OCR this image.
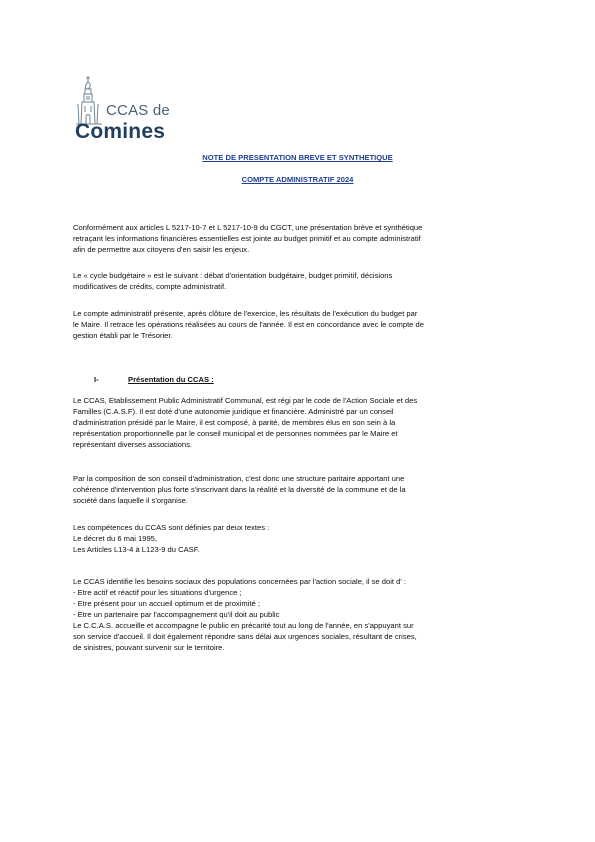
CCAS de
Comines
NOTE DE PRESENTATION BREVE ET SYNTHETIQUE
COMPTE ADMINISTRATIF 2024

Conformément aux articles L 5217-10-7 et L 5217-10-9 du CGCT, une présentation brève et synthétique

retraçant les informations financières essentielles est jointe au budget primitif et au compte administratif

afin de permettre aux citoyens d'en saisir les enjeux.

Le « cycle budgétaire » est le suivant : débat d'orientation budgétaire, budget primitif, décisions

modificatives de crédits, compte administratif.

Le compte administratif présente, après clôture de l'exercice, les résultats de l'exécution du budget par

le Maire. Il retrace les opérations réalisées au cours de l'année. Il est en concordance avec le compte de

gestion établi par le Trésorier.

I-	Présentation du CCAS :

Le CCAS, Etablissement Public Administratif Communal, est régi par le code de l'Action Sociale et des

Familles (C.A.S.F). Il est doté d'une autonomie juridique et financière. Administré par un conseil

d'administration présidé par le Maire, il est composé, à parité, de membres élus en son sein à la

représentation proportionnelle par le conseil municipal et de personnes nommées par le Maire et

représentant diverses associations.

Par la composition de son conseil d'administration, c'est donc une structure paritaire apportant une

cohérence d'intervention plus forte s'inscrivant dans la réalité et la diversité de la commune et de la

société dans laquelle il s'organise.

Les compétences du CCAS sont définies par deux textes :

Le décret du 6 mai 1995,

Les Articles L13-4 à L123-9 du CASF.

Le CCAS identifie les besoins sociaux des populations concernées par l'action sociale, il se doit d' :

- Etre actif et réactif pour les situations d'urgence ;

- Etre présent pour un accueil optimum et de proximité ;

- Etre un partenaire par l'accompagnement qu'il doit au public

Le C.C.A.S. accueille et accompagne le public en précarité tout au long de l'année, en s'appuyant sur

son service d'accueil. Il doit également répondre sans délai aux urgences sociales, résultant de crises,

de sinistres, pouvant survenir sur le territoire.
